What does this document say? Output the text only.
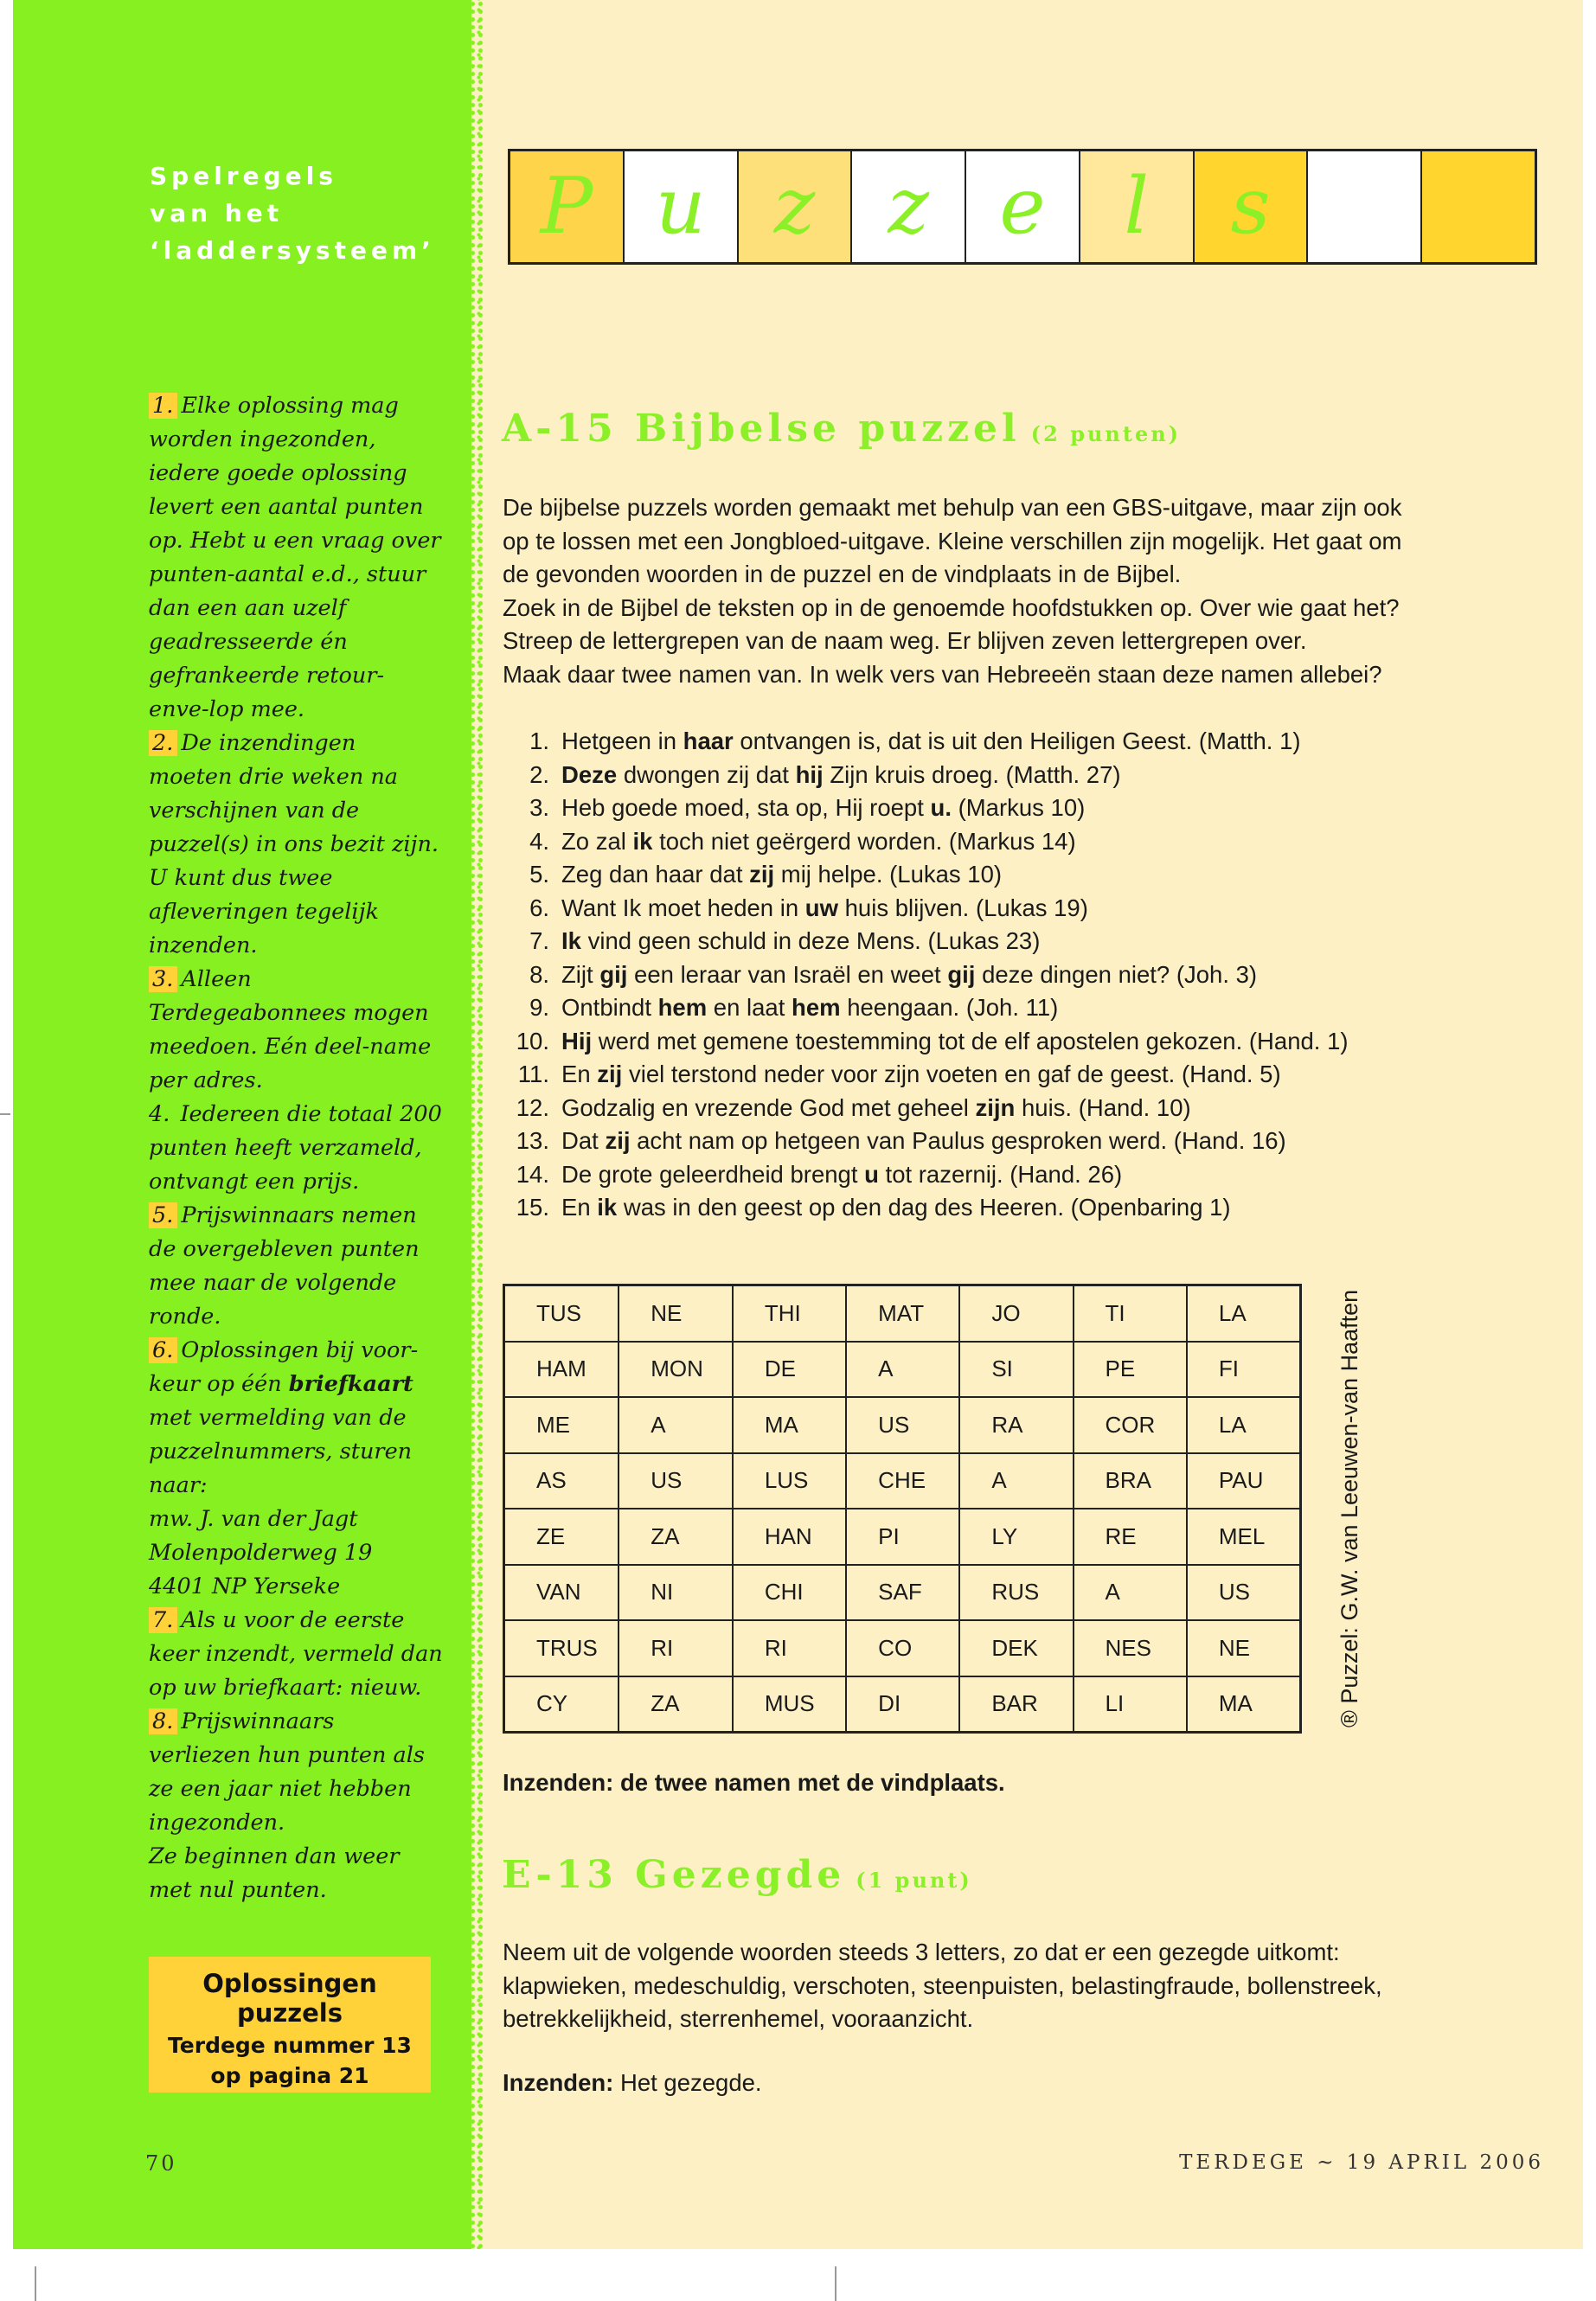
Spelregels
van het
‘laddersysteem’
1. Elke oplossing mag worden ingezonden, iedere goede oplossing levert een aantal punten op. Hebt u een vraag over punten-aantal e.d., stuur dan een aan uzelf geadresseerde én gefrankeerde retour-enve-lop mee.
2. De inzendingen moeten drie weken na verschijnen van de puzzel(s) in ons bezit zijn. U kunt dus twee afleveringen tegelijk inzenden.
3. Alleen Terdegeabonnees mogen meedoen. Eén deel-name per adres.
4. Iedereen die totaal 200 punten heeft verzameld, ontvangt een prijs.
5. Prijswinnaars nemen de overgebleven punten mee naar de volgende ronde.
6. Oplossingen bij voor-keur op één briefkaart met vermelding van de puzzelnummers, sturen naar:
mw. J. van der Jagt
Molenpolderweg 19
4401 NP Yerseke
7. Als u voor de eerste keer inzendt, vermeld dan op uw briefkaart: nieuw.
8. Prijswinnaars verliezen hun punten als ze een jaar niet hebben ingezonden.
Ze beginnen dan weer met nul punten.
Oplossingen puzzels
Terdege nummer 13
op pagina 21
70	TERDEGE ~ 19 APRIL 2006
P u z z e	l	s
A-15 Bijbelse puzzel (2 punten)

De bijbelse puzzels worden gemaakt met behulp van een GBS-uitgave, maar zijn ook

op te lossen met een Jongbloed-uitgave. Kleine verschillen zijn mogelijk. Het gaat om

de gevonden woorden in de puzzel en de vindplaats in de Bijbel.

Zoek in de Bijbel de teksten op in de genoemde hoofdstukken op. Over wie gaat het?

Streep de lettergrepen van de naam weg. Er blijven zeven lettergrepen over.

Maak daar twee namen van. In welk vers van Hebreeën staan deze namen allebei?

1. Hetgeen in haar ontvangen is, dat is uit den Heiligen Geest. (Matth. 1)
2. Deze dwongen zij dat hij Zijn kruis droeg. (Matth. 27)
3. Heb goede moed, sta op, Hij roept u. (Markus 10)
4. Zo zal ik toch niet geërgerd worden. (Markus 14)
5. Zeg dan haar dat zij mij helpe. (Lukas 10)
6. Want Ik moet heden in uw huis blijven. (Lukas 19)
7. Ik vind geen schuld in deze Mens. (Lukas 23)
8. Zijt gij een leraar van Israël en weet gij deze dingen niet? (Joh. 3)
9. Ontbindt hem en laat hem heengaan. (Joh. 11)
10. Hij werd met gemene toestemming tot de elf apostelen gekozen. (Hand. 1)
11. En zij viel terstond neder voor zijn voeten en gaf de geest. (Hand. 5)
12. Godzalig en vrezende God met geheel zijn huis. (Hand. 10)
13. Dat zij acht nam op hetgeen van Paulus gesproken werd. (Hand. 16)
14. De grote geleerdheid brengt u tot razernij. (Hand. 26)
15. En ik was in den geest op den dag des Heeren. (Openbaring 1)
TUS	NE	THI	MAT	JO	TI	LA
HAM	MON	DE	A	SI	PE	FI
ME	A	MA	US	RA	COR	LA
AS	US	LUS	CHE	A	BRA	PAU
ZE	ZA	HAN	PI	LY	RE	MEL
VAN	NI	CHI	SAF	RUS	A	US
TRUS	RI	RI	CO	DEK	NES	NE
CY	ZA	MUS	DI	BAR	LI	MA	® Puzzel: G.W. van Leeuwen-van Haaften
Inzenden: de twee namen met de vindplaats.
E-13 Gezegde (1 punt)

Neem uit de volgende woorden steeds 3 letters, zo dat er een gezegde uitkomt:

klapwieken, medeschuldig, verschoten, steenpuisten, belastingfraude, bollenstreek,

betrekkelijkheid, sterrenhemel, vooraanzicht.

Inzenden: Het gezegde.
